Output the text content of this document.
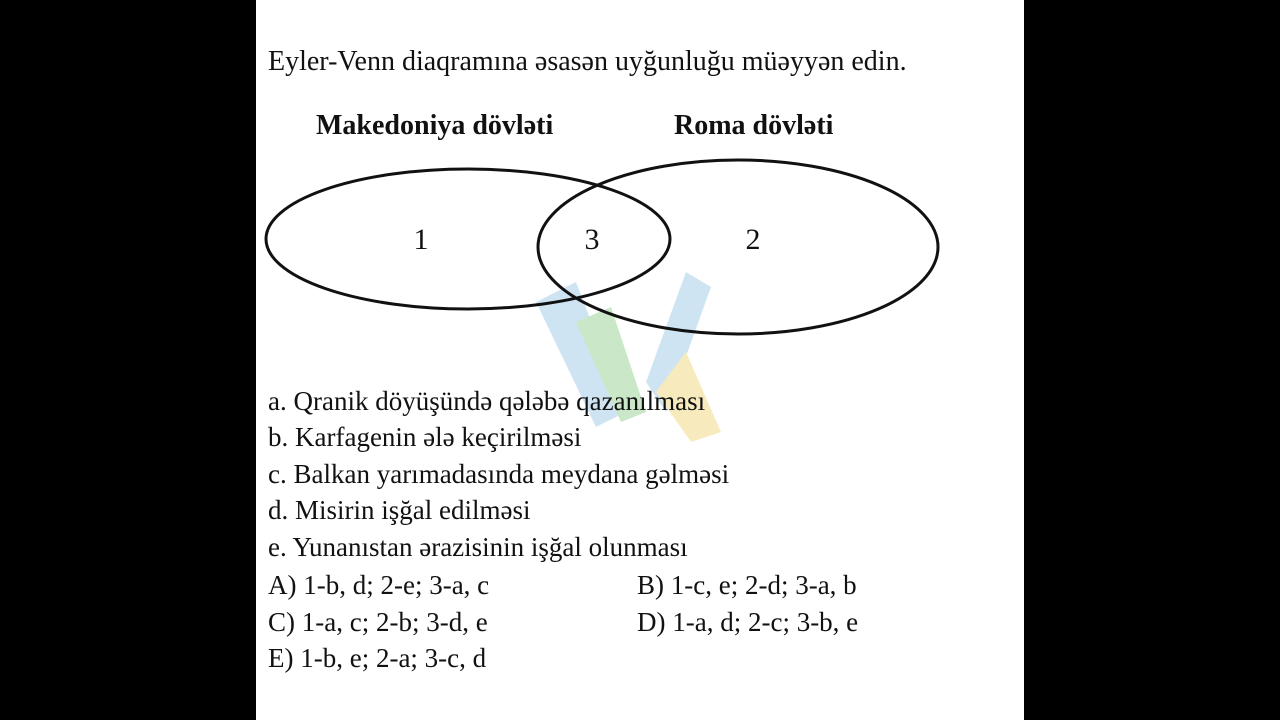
Eyler-Venn diaqramına əsasən uyğunluğu müəyyən edin.
Makedoniya dövləti	Roma dövləti
1	3	2
a. Qranik döyüşündə qələbə qazanılması
b. Karfagenin ələ keçirilməsi
c. Balkan yarımadasında meydana gəlməsi
d. Misirin işğal edilməsi
e. Yunanıstan ərazisinin işğal olunması
A) 1-b, d; 2-e; 3-a, c	B) 1-c, e; 2-d; 3-a, b
C) 1-a, c; 2-b; 3-d, e	D) 1-a, d; 2-c; 3-b, e
E) 1-b, e; 2-a; 3-c, d
